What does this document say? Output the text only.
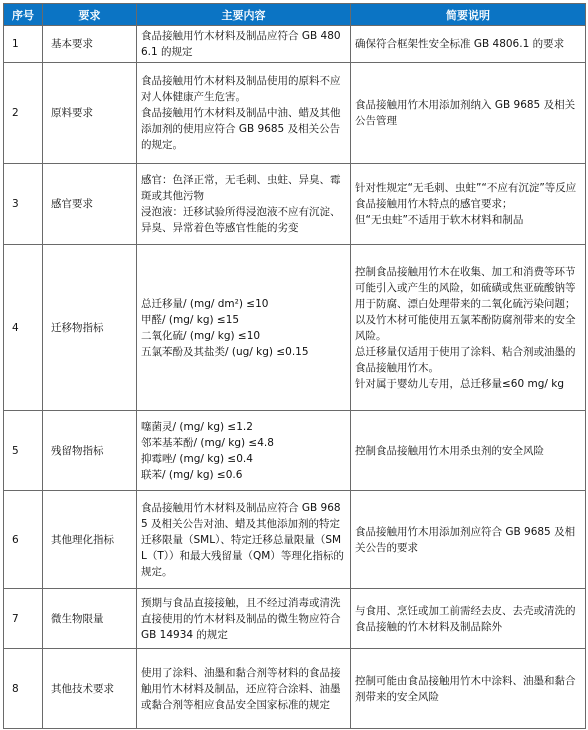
序号	要求	主要内容	简要说明
1	基本要求	食品接触用竹木材料及制品应符合 GB 4806.1 的规定	确保符合框架性安全标准 GB 4806.1 的要求

2	原料要求	食品接触用竹木材料及制品使用的原料不应对人体健康产生危害。
食品接触用竹木材料及制品中油、蜡及其他添加剂的使用应符合 GB 9685 及相关公告的规定。	食品接触用竹木用添加剂纳入 GB 9685 及相关公告管理

3	感官要求	感官：色泽正常，无毛刺、虫蛀、异臭、霉斑或其他污物
浸泡液：迁移试验所得浸泡液不应有沉淀、异臭、异常着色等感官性能的劣变	针对性规定“无毛刺、虫蛀”“不应有沉淀”等反应食品接触用竹木特点的感官要求；
但“无虫蛀”不适用于软木材料和制品

4	迁移物指标	总迁移量/ (mg/ dm²) ≤10
甲醛/ (mg/ kg) ≤15
二氧化硫/ (mg/ kg) ≤10
五氯苯酚及其盐类/ (ug/ kg) ≤0.15	控制食品接触用竹木在收集、加工和消费等环节可能引入或产生的风险，如硫磺或焦亚硫酸钠等用于防腐、漂白处理带来的二氧化硫污染问题；以及竹木材可能使用五氯苯酚防腐剂带来的安全风险。
总迁移量仅适用于使用了涂料、粘合剂或油墨的食品接触用竹木。
针对属于婴幼儿专用，总迁移量≤60 mg/ kg

5	残留物指标	噻菌灵/ (mg/ kg) ≤1.2
邻苯基苯酚/ (mg/ kg) ≤4.8
抑霉唑/ (mg/ kg) ≤0.4
联苯/ (mg/ kg) ≤0.6	控制食品接触用竹木用杀虫剂的安全风险

6	其他理化指标	食品接触用竹木材料及制品应符合 GB 9685 及相关公告对油、蜡及其他添加剂的特定迁移限量（SML）、特定迁移总量限量（SML（T））和最大残留量（QM）等理化指标的规定。	食品接触用竹木用添加剂应符合 GB 9685 及相关公告的要求

7	微生物限量	预期与食品直接接触，且不经过消毒或清洗直接使用的竹木材料及制品的微生物应符合 GB 14934 的规定	与食用、烹饪或加工前需经去皮、去壳或清洗的食品接触的竹木材料及制品除外

8	其他技术要求	使用了涂料、油墨和黏合剂等材料的食品接触用竹木材料及制品，还应符合涂料、油墨或黏合剂等相应食品安全国家标准的规定	控制可能由食品接触用竹木中涂料、油墨和黏合剂带来的安全风险
